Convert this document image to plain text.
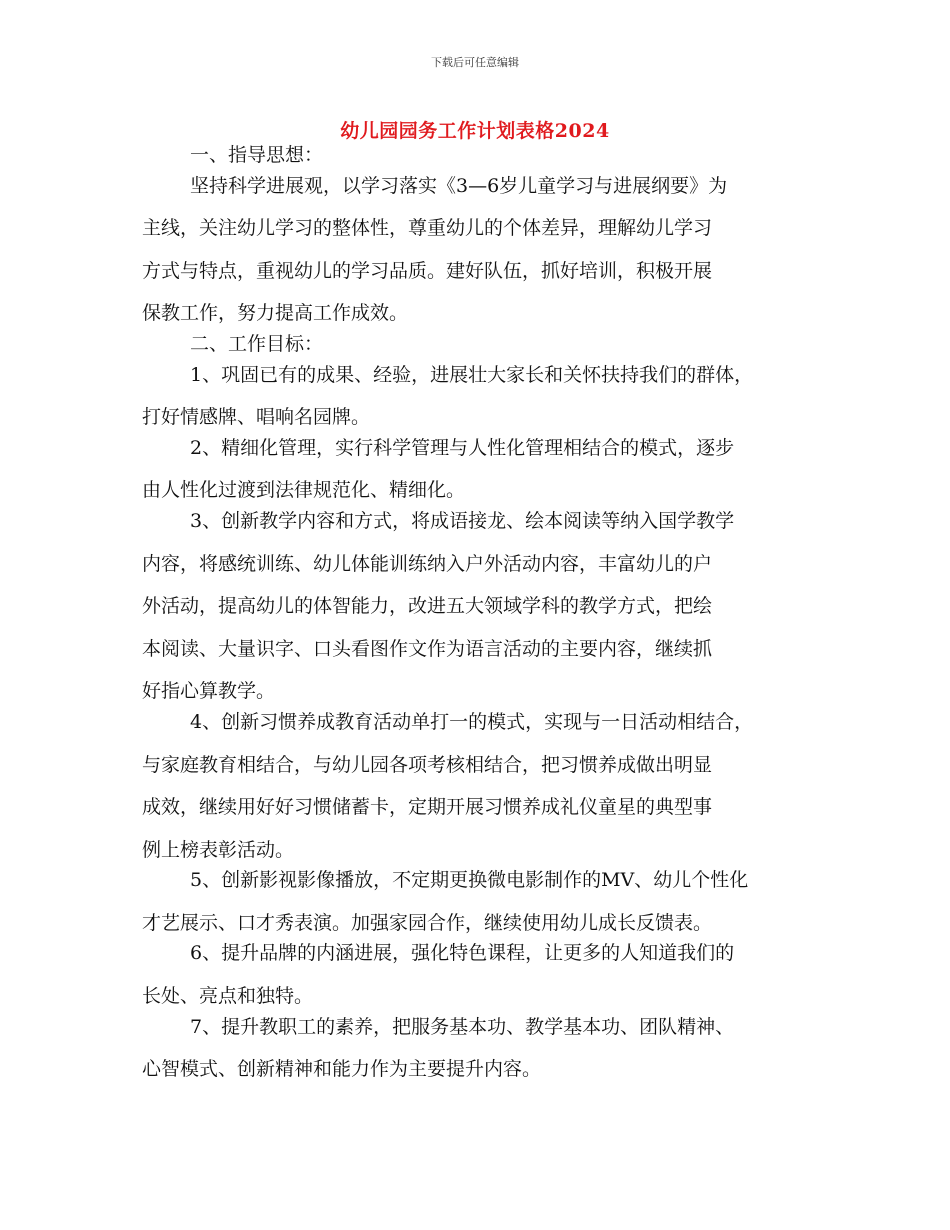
下载后可任意编辑
幼儿园园务工作计划表格2024

一、指导思想：

坚持科学进展观，以学习落实《3—6岁儿童学习与进展纲要》为
主线，关注幼儿学习的整体性，尊重幼儿的个体差异，理解幼儿学习
方式与特点，重视幼儿的学习品质。建好队伍，抓好培训，积极开展
保教工作，努力提高工作成效。

二、工作目标：

1、巩固已有的成果、经验，进展壮大家长和关怀扶持我们的群体，
打好情感牌、唱响名园牌。

2、精细化管理，实行科学管理与人性化管理相结合的模式，逐步
由人性化过渡到法律规范化、精细化。

3、创新教学内容和方式，将成语接龙、绘本阅读等纳入国学教学
内容，将感统训练、幼儿体能训练纳入户外活动内容，丰富幼儿的户
外活动，提高幼儿的体智能力，改进五大领域学科的教学方式，把绘
本阅读、大量识字、口头看图作文作为语言活动的主要内容，继续抓
好指心算教学。

4、创新习惯养成教育活动单打一的模式，实现与一日活动相结合，
与家庭教育相结合，与幼儿园各项考核相结合，把习惯养成做出明显
成效，继续用好好习惯储蓄卡，定期开展习惯养成礼仪童星的典型事
例上榜表彰活动。

5、创新影视影像播放，不定期更换微电影制作的MV、幼儿个性化
才艺展示、口才秀表演。加强家园合作，继续使用幼儿成长反馈表。

6、提升品牌的内涵进展，强化特色课程，让更多的人知道我们的
长处、亮点和独特。

7、提升教职工的素养，把服务基本功、教学基本功、团队精神、
心智模式、创新精神和能力作为主要提升内容。
